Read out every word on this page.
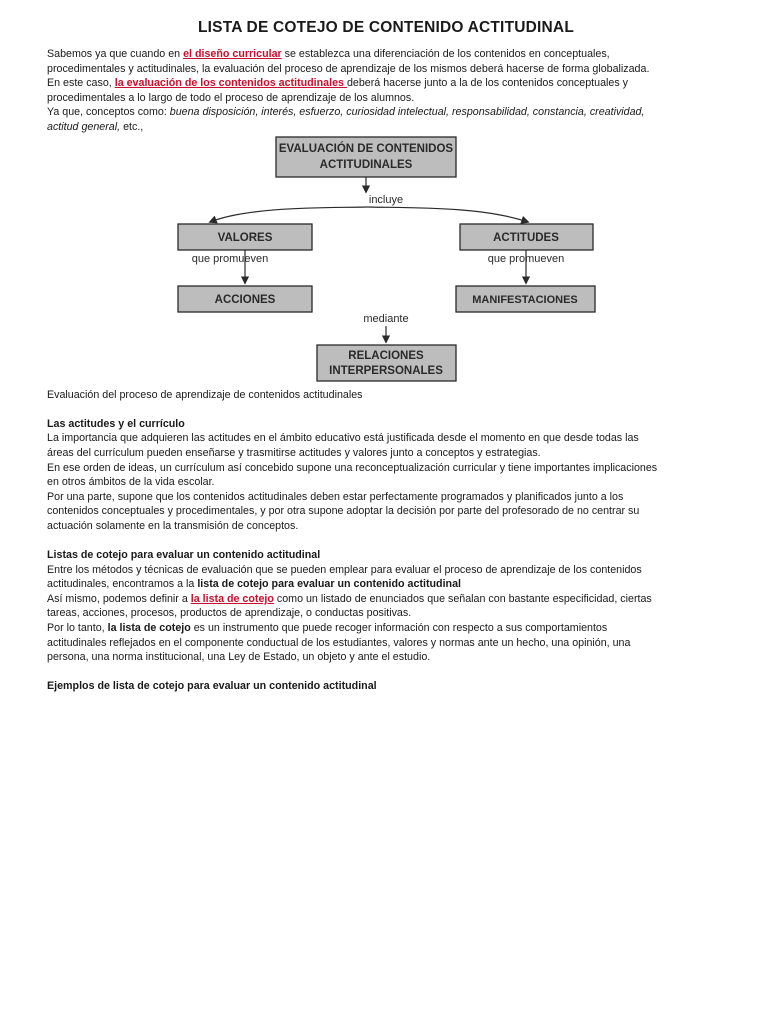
LISTA DE COTEJO DE CONTENIDO ACTITUDINAL

Sabemos ya que cuando en el diseño curricular se establezca una diferenciación de los contenidos en conceptuales,

procedimentales y actitudinales, la evaluación del proceso de aprendizaje de los mismos deberá hacerse de forma globalizada.

En este caso, la evaluación de los contenidos actitudinales deberá hacerse junto a la de los contenidos conceptuales y

procedimentales a lo largo de todo el proceso de aprendizaje de los alumnos.

Ya que, conceptos como: buena disposición, interés, esfuerzo, curiosidad intelectual, responsabilidad, constancia, creatividad,

actitud general, etc.,

Evaluación del proceso de aprendizaje de contenidos actitudinales

Las actitudes y el currículo

La importancia que adquieren las actitudes en el ámbito educativo está justificada desde el momento en que desde todas las

áreas del currículum pueden enseñarse y trasmitirse actitudes y valores junto a conceptos y estrategias.

En ese orden de ideas, un currículum así concebido supone una reconceptualización curricular y tiene importantes implicaciones

en otros ámbitos de la vida escolar.

Por una parte, supone que los contenidos actitudinales deben estar perfectamente programados y planificados junto a los

contenidos conceptuales y procedimentales, y por otra supone adoptar la decisión por parte del profesorado de no centrar su

actuación solamente en la transmisión de conceptos.

Listas de cotejo para evaluar un contenido actitudinal

Entre los métodos y técnicas de evaluación que se pueden emplear para evaluar el proceso de aprendizaje de los contenidos

actitudinales, encontramos a la lista de cotejo para evaluar un contenido actitudinal

Así mismo, podemos definir a la lista de cotejo como un listado de enunciados que señalan con bastante especificidad, ciertas

tareas, acciones, procesos, productos de aprendizaje, o conductas positivas.

Por lo tanto, la lista de cotejo es un instrumento que puede recoger información con respecto a sus comportamientos

actitudinales reflejados en el componente conductual de los estudiantes, valores y normas ante un hecho, una opinión, una

persona, una norma institucional, una Ley de Estado, un objeto y ante el estudio.

Ejemplos de lista de cotejo para evaluar un contenido actitudinal

EVALUACIÓN DE CONTENIDOS
ACTITUDINALES
incluye
VALORES	ACTITUDES
que promueven	que promueven
ACCIONES	MANIFESTACIONES
mediante
RELACIONES
INTERPERSONALES
